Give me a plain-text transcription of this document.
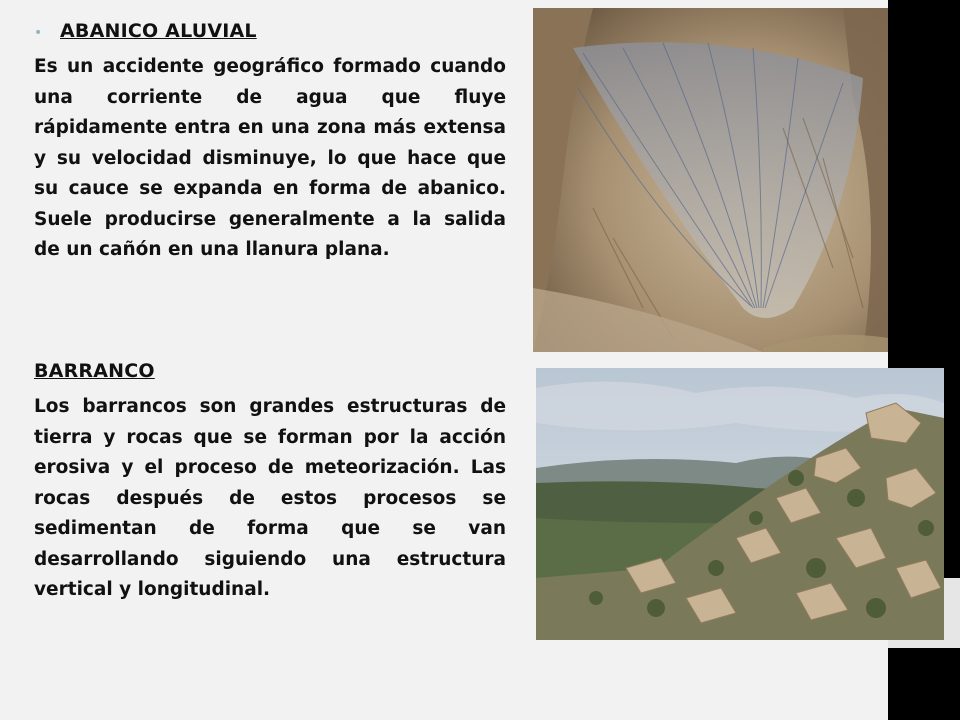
• ABANICO ALUVIAL

Es un accidente geográfico formado cuando una corriente de agua que fluye rápidamente entra en una zona más extensa y su velocidad disminuye, lo que hace que su cauce se expanda en forma de abanico. Suele producirse generalmente a la salida de un cañón en una llanura plana.

BARRANCO

Los barrancos son grandes estructuras de tierra y rocas que se forman por la acción erosiva y el proceso de meteorización. Las rocas después de estos procesos se sedimentan de forma que se van desarrollando siguiendo una estructura vertical y longitudinal.
